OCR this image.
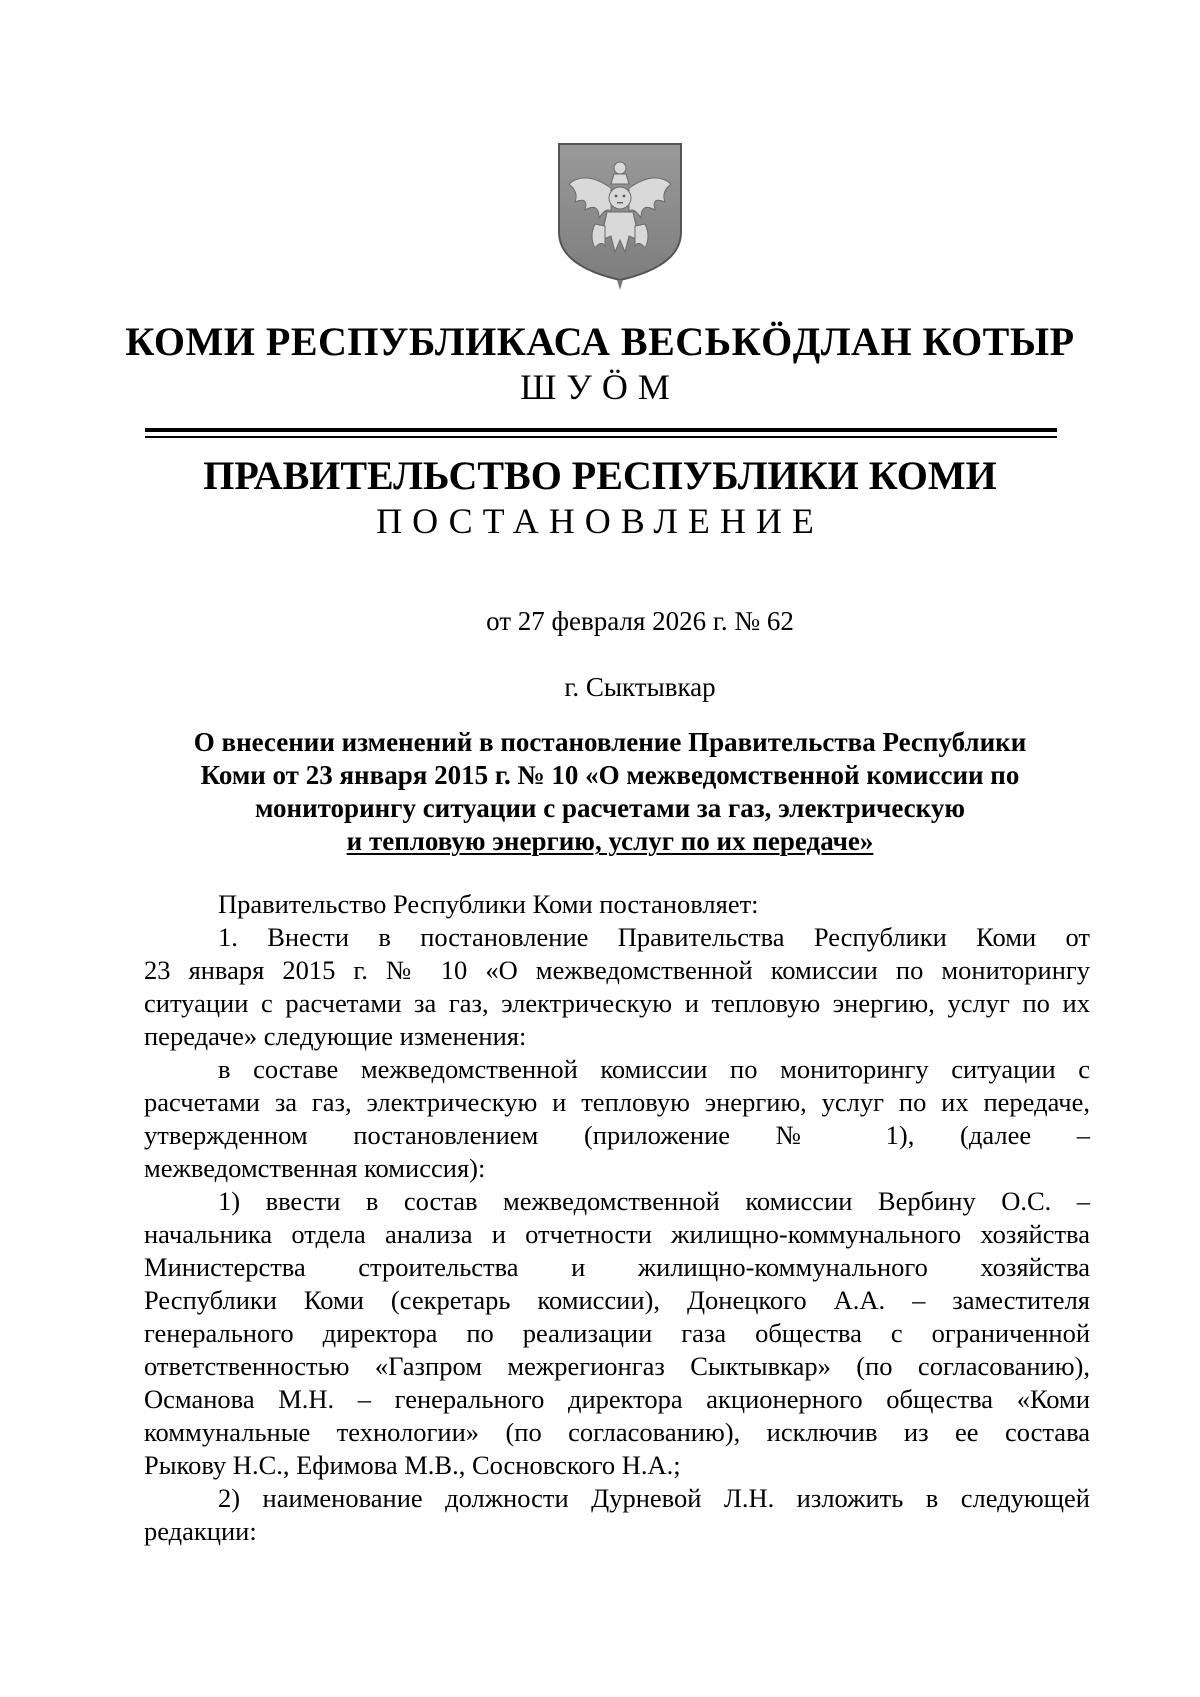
КОМИ РЕСПУБЛИКАСА ВЕСЬКӦДЛАН КОТЫР
ШУӦМ
ПРАВИТЕЛЬСТВО РЕСПУБЛИКИ КОМИ
ПОСТАНОВЛЕНИЕ
от 27 февраля 2026 г. № 62
г. Сыктывкар
О внесении изменений в постановление Правительства Республики
Коми от 23 января 2015 г. № 10 «О межведомственной комиссии по
мониторингу ситуации с расчетами за газ, электрическую
и тепловую энергию, услуг по их передаче»

Правительство Республики Коми постановляет:

1. Внести в постановление Правительства Республики Коми от
23 января 2015 г. № 10 «О межведомственной комиссии по мониторингу
ситуации с расчетами за газ, электрическую и тепловую энергию, услуг по их
передаче» следующие изменения:

в составе межведомственной комиссии по мониторингу ситуации с
расчетами за газ, электрическую и тепловую энергию, услуг по их передаче,
утвержденном постановлением (приложение № 1), (далее –
межведомственная комиссия):

1) ввести в состав межведомственной комиссии Вербину О.С. –
начальника отдела анализа и отчетности жилищно-коммунального хозяйства
Министерства строительства и жилищно-коммунального хозяйства
Республики Коми (секретарь комиссии), Донецкого А.А. – заместителя
генерального директора по реализации газа общества с ограниченной
ответственностью «Газпром межрегионгаз Сыктывкар» (по согласованию),
Османова М.Н. – генерального директора акционерного общества «Коми
коммунальные технологии» (по согласованию), исключив из ее состава
Рыкову Н.С., Ефимова М.В., Сосновского Н.А.;

2) наименование должности Дурневой Л.Н. изложить в следующей
редакции:
